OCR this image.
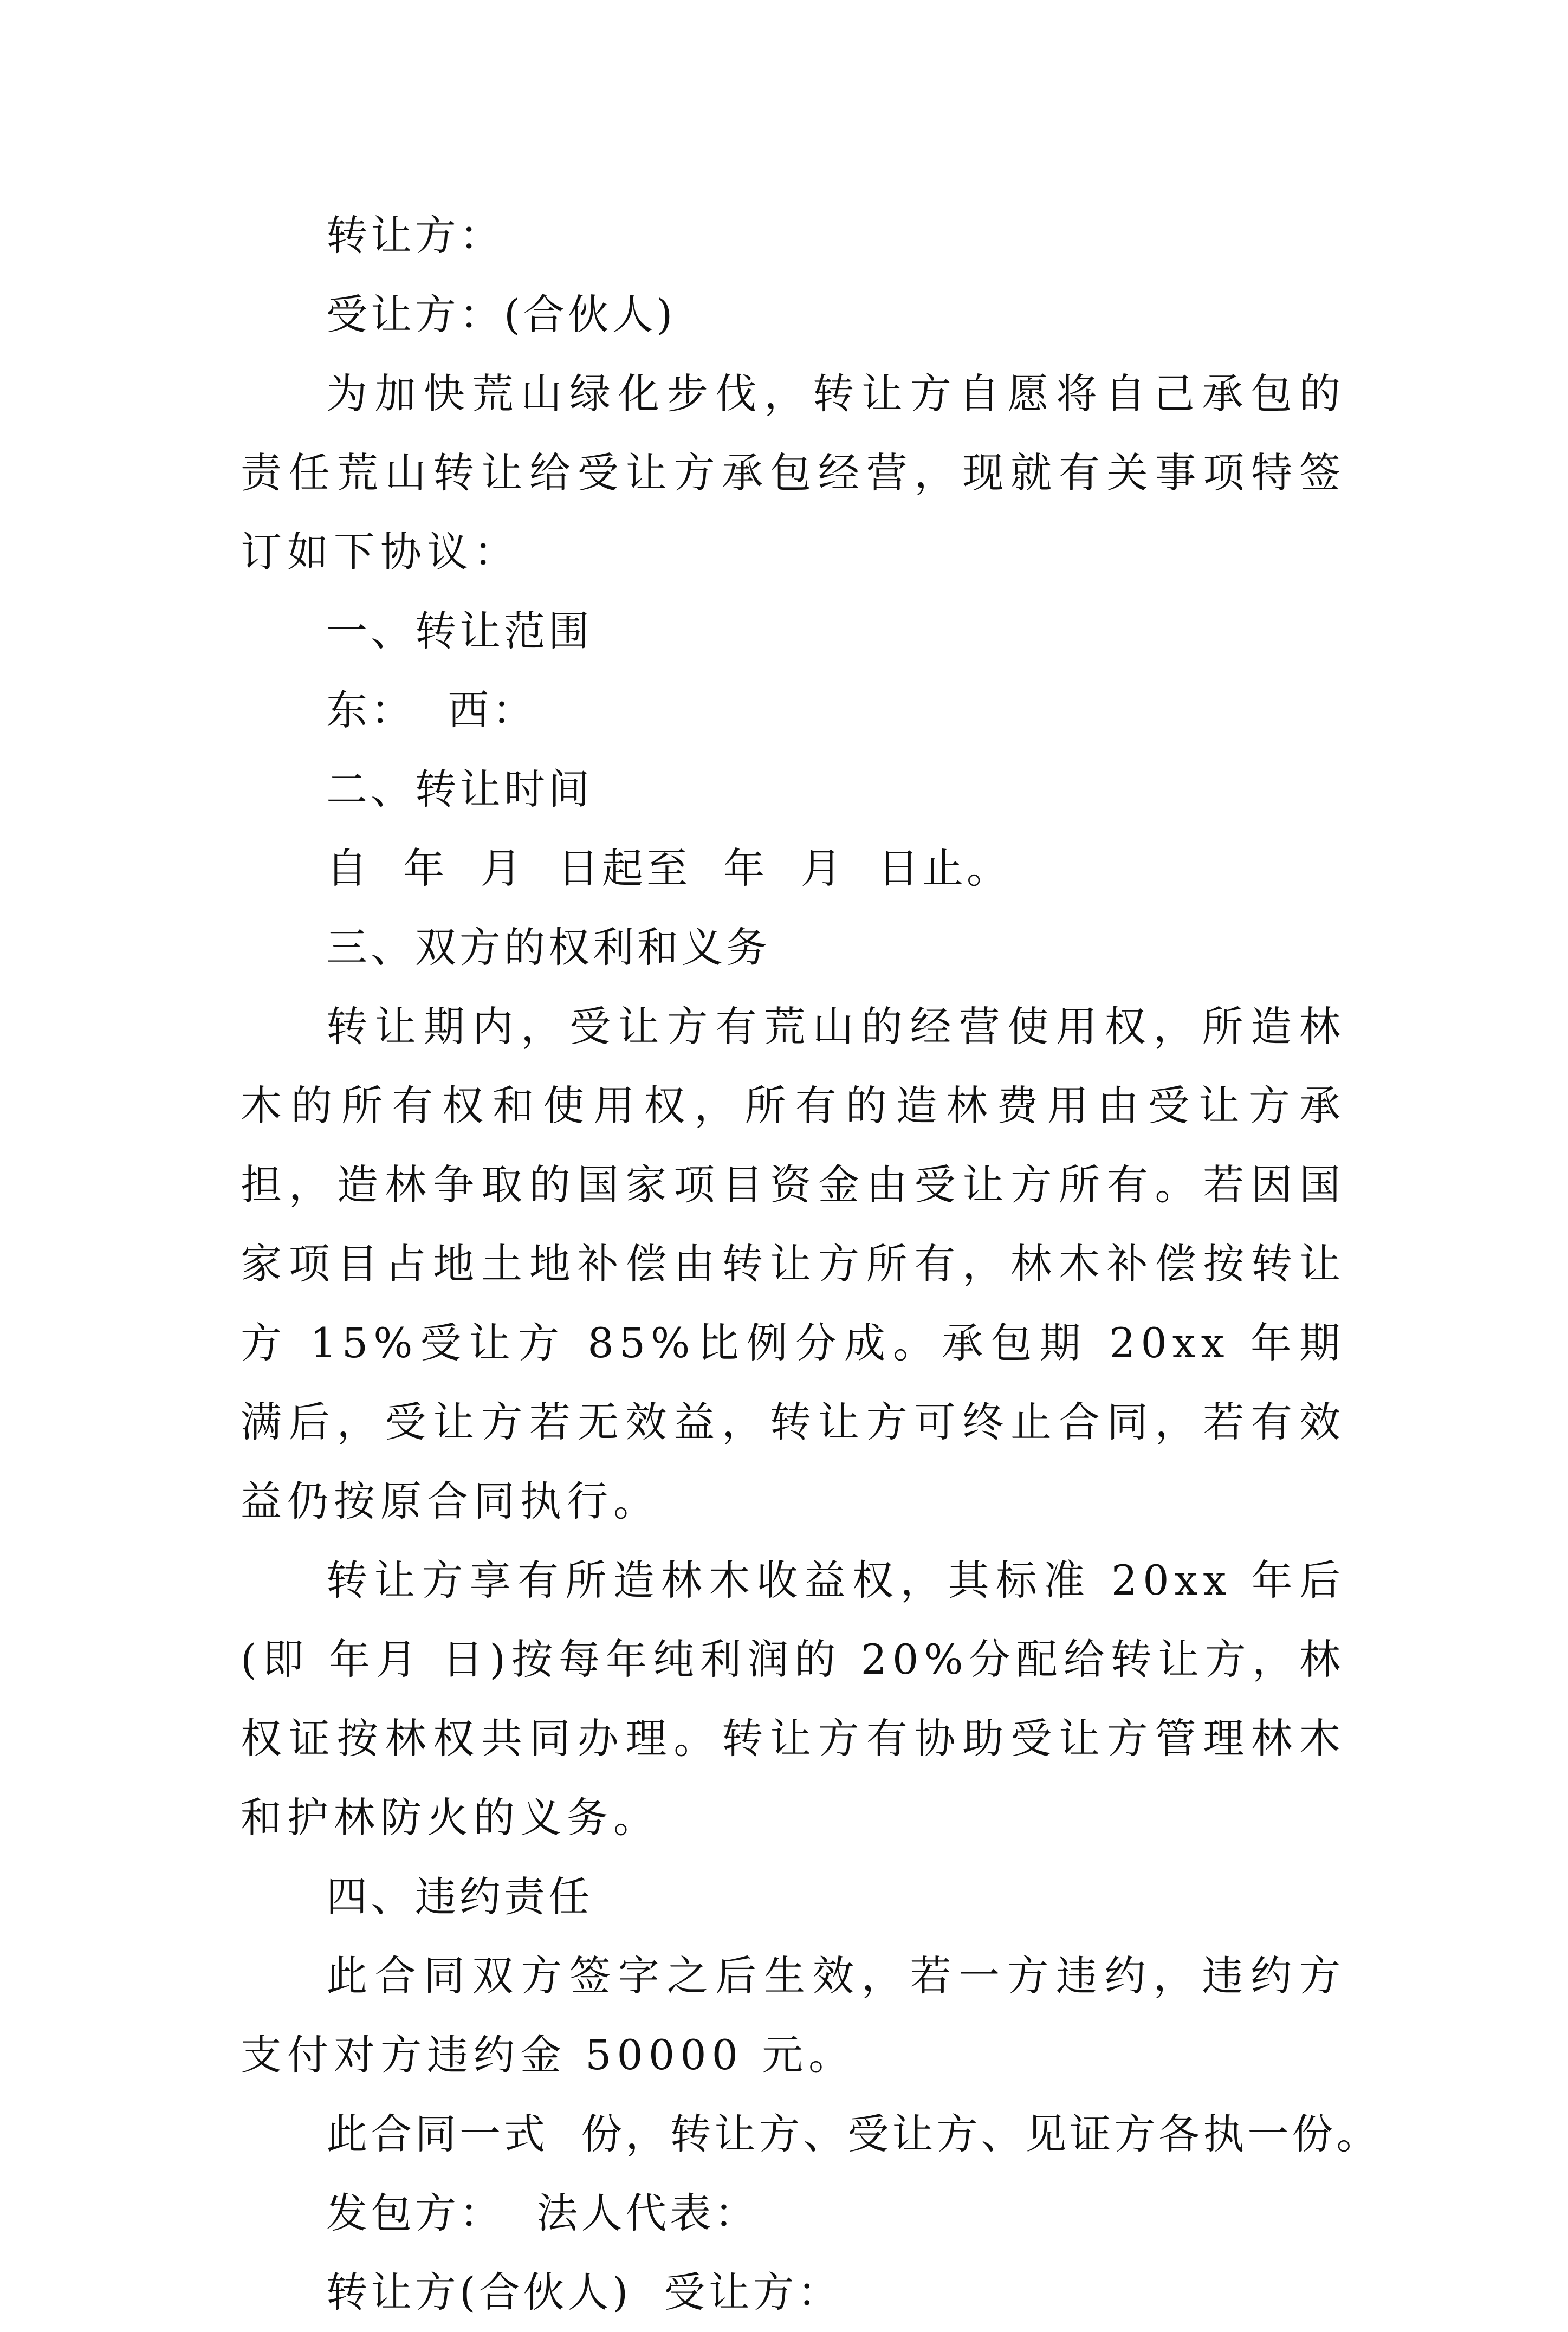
转让方：

受让方：(合伙人)

为加快荒山绿化步伐，转让方自愿将自己承包的责任荒山转让给受让方承包经营，现就有关事项特签订如下协议：

一、转让范围

东：  西：

二、转让时间

自  年  月  日起至  年  月  日止。

三、双方的权利和义务

转让期内，受让方有荒山的经营使用权，所造林木的所有权和使用权，所有的造林费用由受让方承担，造林争取的国家项目资金由受让方所有。若因国家项目占地土地补偿由转让方所有，林木补偿按转让方 15%受让方 85%比例分成。承包期 20xx 年期满后，受让方若无效益，转让方可终止合同，若有效益仍按原合同执行。

转让方享有所造林木收益权，其标准 20xx 年后(即 年月 日)按每年纯利润的 20%分配给转让方，林权证按林权共同办理。转让方有协助受让方管理林木和护林防火的义务。

四、违约责任

此合同双方签字之后生效，若一方违约，违约方支付对方违约金 50000 元。

此合同一式  份，转让方、受让方、见证方各执一份。

发包方：  法人代表：

转让方(合伙人)  受让方：
